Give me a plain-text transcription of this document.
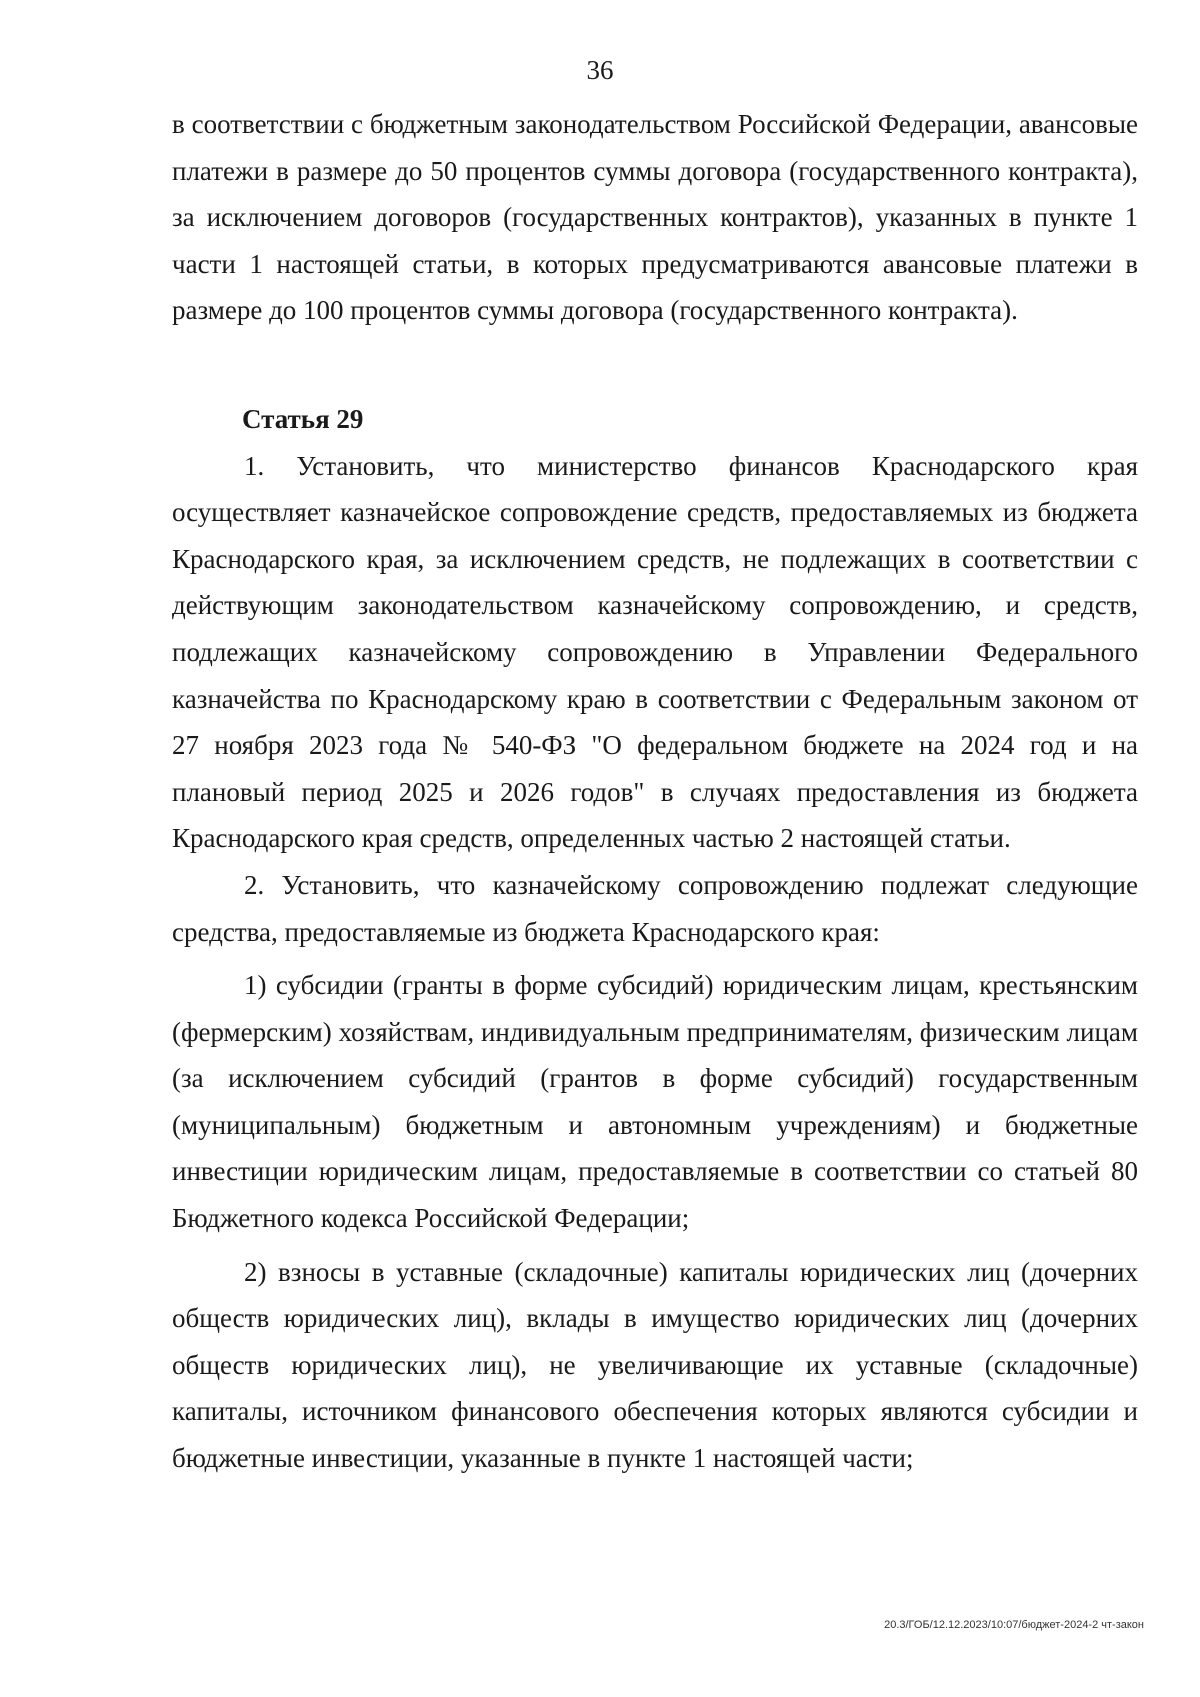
36

в соответствии с бюджетным законодательством Российской Федерации, авансовые платежи в размере до 50 процентов суммы договора (государственного контракта), за исключением договоров (государственных контрактов), указанных в пункте 1 части 1 настоящей статьи, в которых предусматриваются авансовые платежи в размере до 100 процентов суммы договора (государственного контракта).

Статья 29

1. Установить, что министерство финансов Краснодарского края осуществляет казначейское сопровождение средств, предоставляемых из бюджета Краснодарского края, за исключением средств, не подлежащих в соответствии с действующим законодательством казначейскому сопровождению, и средств, подлежащих казначейскому сопровождению в Управлении Федерального казначейства по Краснодарскому краю в соответствии с Федеральным законом от 27 ноября 2023 года № 540-ФЗ "О федеральном бюджете на 2024 год и на плановый период 2025 и 2026 годов" в случаях предоставления из бюджета Краснодарского края средств, определенных частью 2 настоящей статьи.

2. Установить, что казначейскому сопровождению подлежат следующие средства, предоставляемые из бюджета Краснодарского края:

1) субсидии (гранты в форме субсидий) юридическим лицам, крестьянским (фермерским) хозяйствам, индивидуальным предпринимателям, физическим лицам (за исключением субсидий (грантов в форме субсидий) государственным (муниципальным) бюджетным и автономным учреждениям) и бюджетные инвестиции юридическим лицам, предоставляемые в соответствии со статьей 80 Бюджетного кодекса Российской Федерации;

2) взносы в уставные (складочные) капиталы юридических лиц (дочерних обществ юридических лиц), вклады в имущество юридических лиц (дочерних обществ юридических лиц), не увеличивающие их уставные (складочные) капиталы, источником финансового обеспечения которых являются субсидии и бюджетные инвестиции, указанные в пункте 1 настоящей части;

20.3/ГОБ/12.12.2023/10:07/бюджет-2024-2 чт-закон
